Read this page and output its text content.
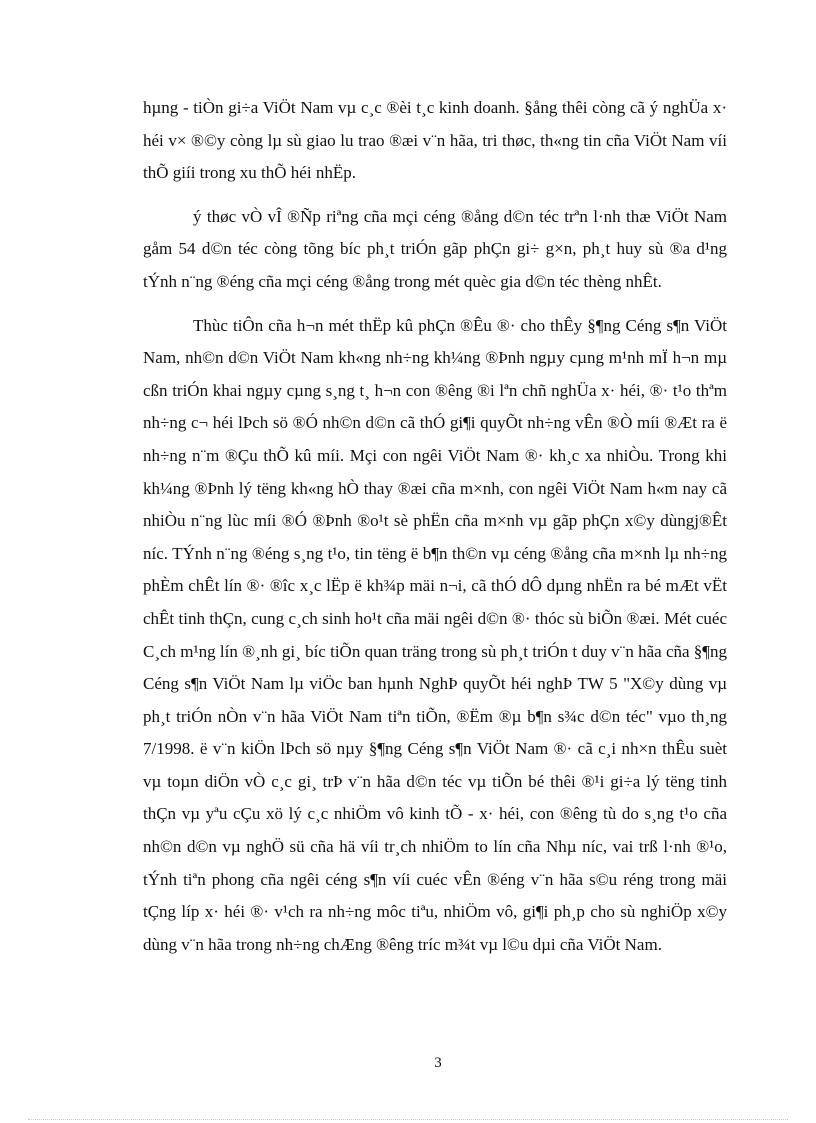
hµng - tiÒn gi÷a ViÖt Nam vµ c¸c ®èi t¸c kinh doanh. §ång thêi còng cã ý nghÜa x· héi v× ®©y còng lµ sù giao lu trao ®æi v¨n hãa, tri thøc, th«ng tin cña ViÖt Nam víi thÕ giíi trong xu thÕ héi nhËp.

ý thøc vÒ vÎ ®Ñp riªng cña mçi céng ®ång d©n téc trªn l·nh thæ ViÖt Nam gåm 54 d©n téc còng tõng bíc ph¸t triÓn gãp phÇn gi÷ g×n, ph¸t huy sù ®a d¹ng tÝnh n¨ng ®éng cña mçi céng ®ång trong mét quèc gia d©n téc thèng nhÊt.

Thùc tiÔn cña h¬n mét thËp kû phÇn ®Êu ®· cho thÊy §¶ng Céng s¶n ViÖt Nam, nh©n d©n ViÖt Nam kh«ng nh÷ng kh¼ng ®Þnh ngµy cµng m¹nh mÏ h¬n mµ cßn triÓn khai ngµy cµng s¸ng t¸ h¬n con ®êng ®i lªn chñ nghÜa x· héi, ®· t¹o thªm nh÷ng c¬ héi lÞch sö ®Ó nh©n d©n cã thÓ gi¶i quyÕt nh÷ng vÊn ®Ò míi ®Æt ra ë nh÷ng n¨m ®Çu thÕ kû míi. Mçi con ngêi ViÖt Nam ®· kh¸c xa nhiÒu. Trong khi kh¼ng ®Þnh lý tëng kh«ng hÒ thay ®æi cña m×nh, con ngêi ViÖt Nam h«m nay cã nhiÒu n¨ng lùc míi ®Ó ®Þnh ®o¹t sè phËn cña m×nh vµ gãp phÇn x©y dùngj®Êt níc. TÝnh n¨ng ®éng s¸ng t¹o, tin tëng ë b¶n th©n vµ céng ®ång cña m×nh lµ nh÷ng phÈm chÊt lín ®· ®îc x¸c lËp ë kh¾p mäi n¬i, cã thÓ dÔ dµng nhËn ra bé mÆt vËt chÊt tinh thÇn, cung c¸ch sinh ho¹t cña mäi ngêi d©n ®· thóc sù biÕn ®æi. Mét cuéc C¸ch m¹ng lín ®¸nh gi¸ bíc tiÕn quan träng trong sù ph¸t triÓn t duy v¨n hãa cña §¶ng Céng s¶n ViÖt Nam lµ viÖc ban hµnh NghÞ quyÕt héi nghÞ TW 5 "X©y dùng vµ ph¸t triÓn nÒn v¨n hãa ViÖt Nam tiªn tiÕn, ®Ëm ®µ b¶n s¾c d©n téc" vµo th¸ng 7/1998. ë v¨n kiÖn lÞch sö nµy §¶ng Céng s¶n ViÖt Nam ®· cã c¸i nh×n thÊu suèt vµ toµn diÖn vÒ c¸c gi¸ trÞ v¨n hãa d©n téc vµ tiÕn bé thêi ®¹i gi÷a lý tëng tinh thÇn vµ yªu cÇu xö lý c¸c nhiÖm vô kinh tÕ - x· héi, con ®êng tù do s¸ng t¹o cña nh©n d©n vµ nghÖ sü cña hä víi tr¸ch nhiÖm to lín cña Nhµ níc, vai trß l·nh ®¹o, tÝnh tiªn phong cña ngêi céng s¶n víi cuéc vÊn ®éng v¨n hãa s©u réng trong mäi tÇng líp x· héi ®· v¹ch ra nh÷ng môc tiªu, nhiÖm vô, gi¶i ph¸p cho sù nghiÖp x©y dùng v¨n hãa trong nh÷ng chÆng ®êng tríc m¾t vµ l©u dµi cña ViÖt Nam.

3
